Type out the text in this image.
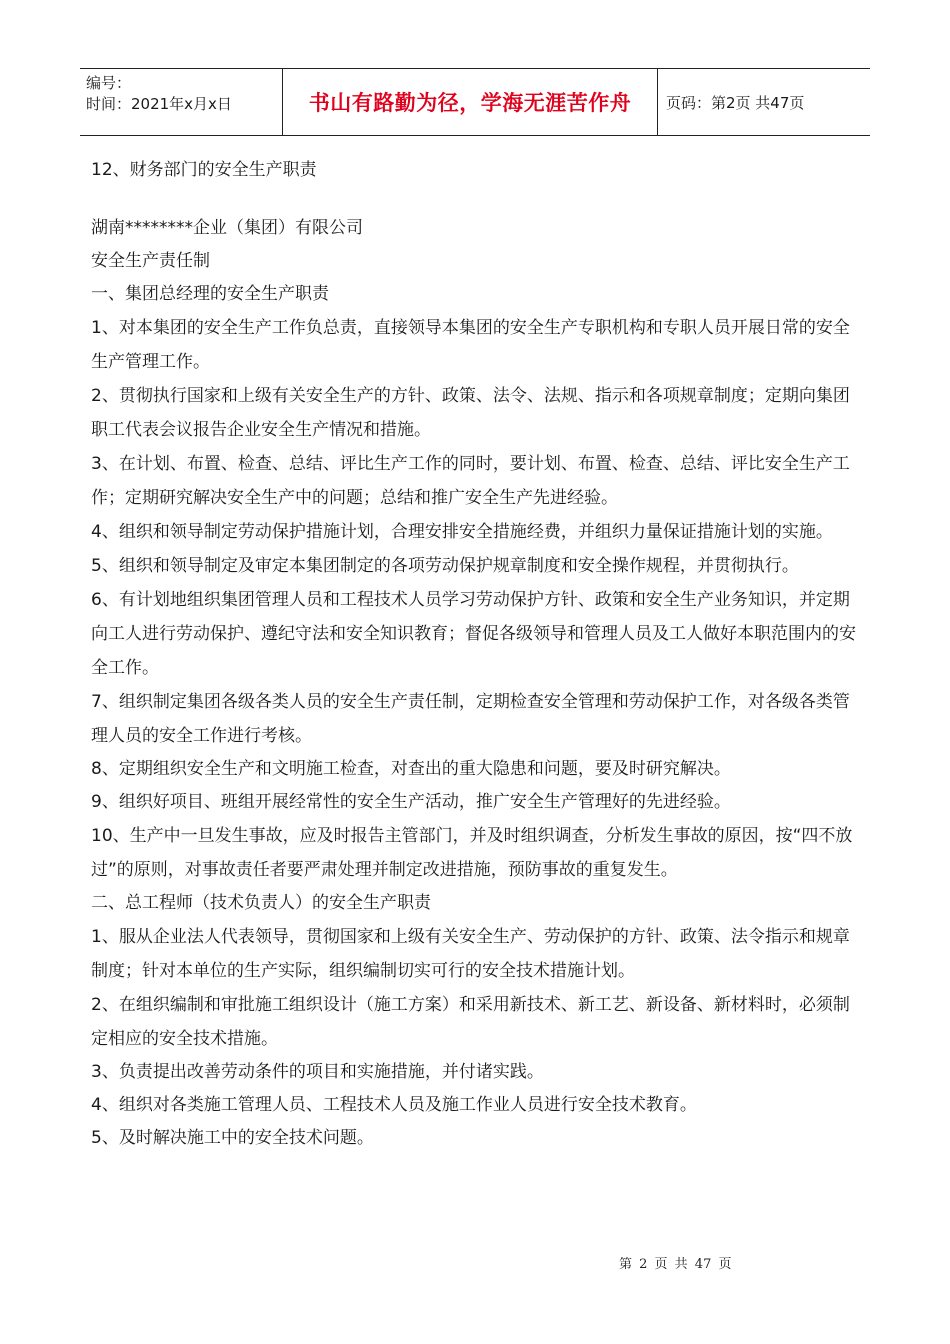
编号：
时间：2021年x月x日	书山有路勤为径，学海无涯苦作舟	页码：第2页 共47页

12、财务部门的安全生产职责

湖南********企业（集团）有限公司

安全生产责任制

一、集团总经理的安全生产职责

1、对本集团的安全生产工作负总责，直接领导本集团的安全生产专职机构和专职人员开展日常的安全生产管理工作。

2、贯彻执行国家和上级有关安全生产的方针、政策、法令、法规、指示和各项规章制度；定期向集团职工代表会议报告企业安全生产情况和措施。

3、在计划、布置、检查、总结、评比生产工作的同时，要计划、布置、检查、总结、评比安全生产工作；定期研究解决安全生产中的问题；总结和推广安全生产先进经验。

4、组织和领导制定劳动保护措施计划，合理安排安全措施经费，并组织力量保证措施计划的实施。

5、组织和领导制定及审定本集团制定的各项劳动保护规章制度和安全操作规程，并贯彻执行。

6、有计划地组织集团管理人员和工程技术人员学习劳动保护方针、政策和安全生产业务知识，并定期向工人进行劳动保护、遵纪守法和安全知识教育；督促各级领导和管理人员及工人做好本职范围内的安全工作。

7、组织制定集团各级各类人员的安全生产责任制，定期检查安全管理和劳动保护工作，对各级各类管理人员的安全工作进行考核。

8、定期组织安全生产和文明施工检查，对查出的重大隐患和问题，要及时研究解决。

9、组织好项目、班组开展经常性的安全生产活动，推广安全生产管理好的先进经验。

10、生产中一旦发生事故，应及时报告主管部门，并及时组织调查，分析发生事故的原因，按“四不放过”的原则，对事故责任者要严肃处理并制定改进措施，预防事故的重复发生。

二、总工程师（技术负责人）的安全生产职责

1、服从企业法人代表领导，贯彻国家和上级有关安全生产、劳动保护的方针、政策、法令指示和规章制度；针对本单位的生产实际，组织编制切实可行的安全技术措施计划。

2、在组织编制和审批施工组织设计（施工方案）和采用新技术、新工艺、新设备、新材料时，必须制定相应的安全技术措施。

3、负责提出改善劳动条件的项目和实施措施，并付诸实践。

4、组织对各类施工管理人员、工程技术人员及施工作业人员进行安全技术教育。

5、及时解决施工中的安全技术问题。

第 2 页 共 47 页
